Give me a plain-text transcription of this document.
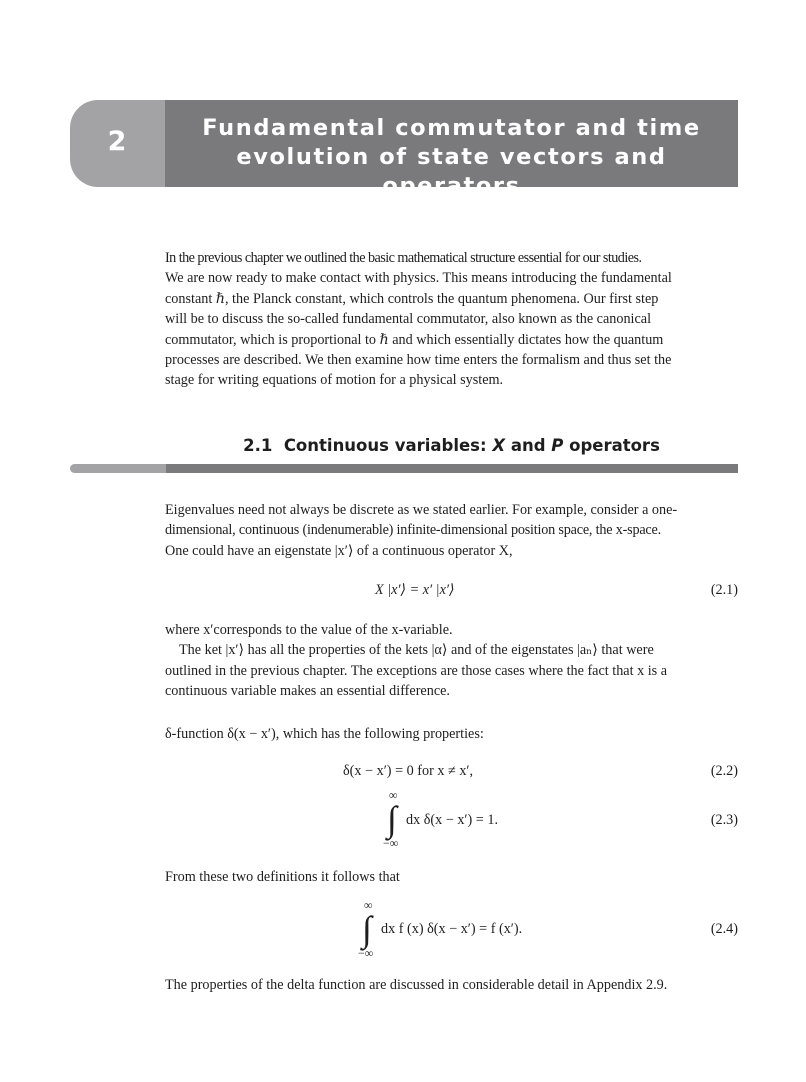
2	Fundamental commutator and time
evolution of state vectors and operators
In the previous chapter we outlined the basic mathematical structure essential for our studies.
We are now ready to make contact with physics. This means introducing the fundamental
constant ℏ, the Planck constant, which controls the quantum phenomena. Our first step
will be to discuss the so-called fundamental commutator, also known as the canonical
commutator, which is proportional to ℏ and which essentially dictates how the quantum
processes are described. We then examine how time enters the formalism and thus set the
stage for writing equations of motion for a physical system.
2.1 Continuous variables: X and P operators
Eigenvalues need not always be discrete as we stated earlier. For example, consider a one-
dimensional, continuous (indenumerable) infinite-dimensional position space, the x-space.
One could have an eigenstate |x′⟩ of a continuous operator X,
X |x′⟩ = x′ |x′⟩	(2.1)
where x′corresponds to the value of the x-variable.
The ket |x′⟩ has all the properties of the kets |α⟩ and of the eigenstates |aₙ⟩ that were
outlined in the previous chapter. The exceptions are those cases where the fact that x is a
continuous variable makes an essential difference.
δ-function δ(x − x′), which has the following properties:
δ(x − x′) = 0 for x ≠ x′,	(2.2)
∞
∫
−∞
dx δ(x − x′) = 1.	(2.3)
From these two definitions it follows that
∞
∫
−∞
dx f (x) δ(x − x′) = f (x′).	(2.4)
The properties of the delta function are discussed in considerable detail in Appendix 2.9.
